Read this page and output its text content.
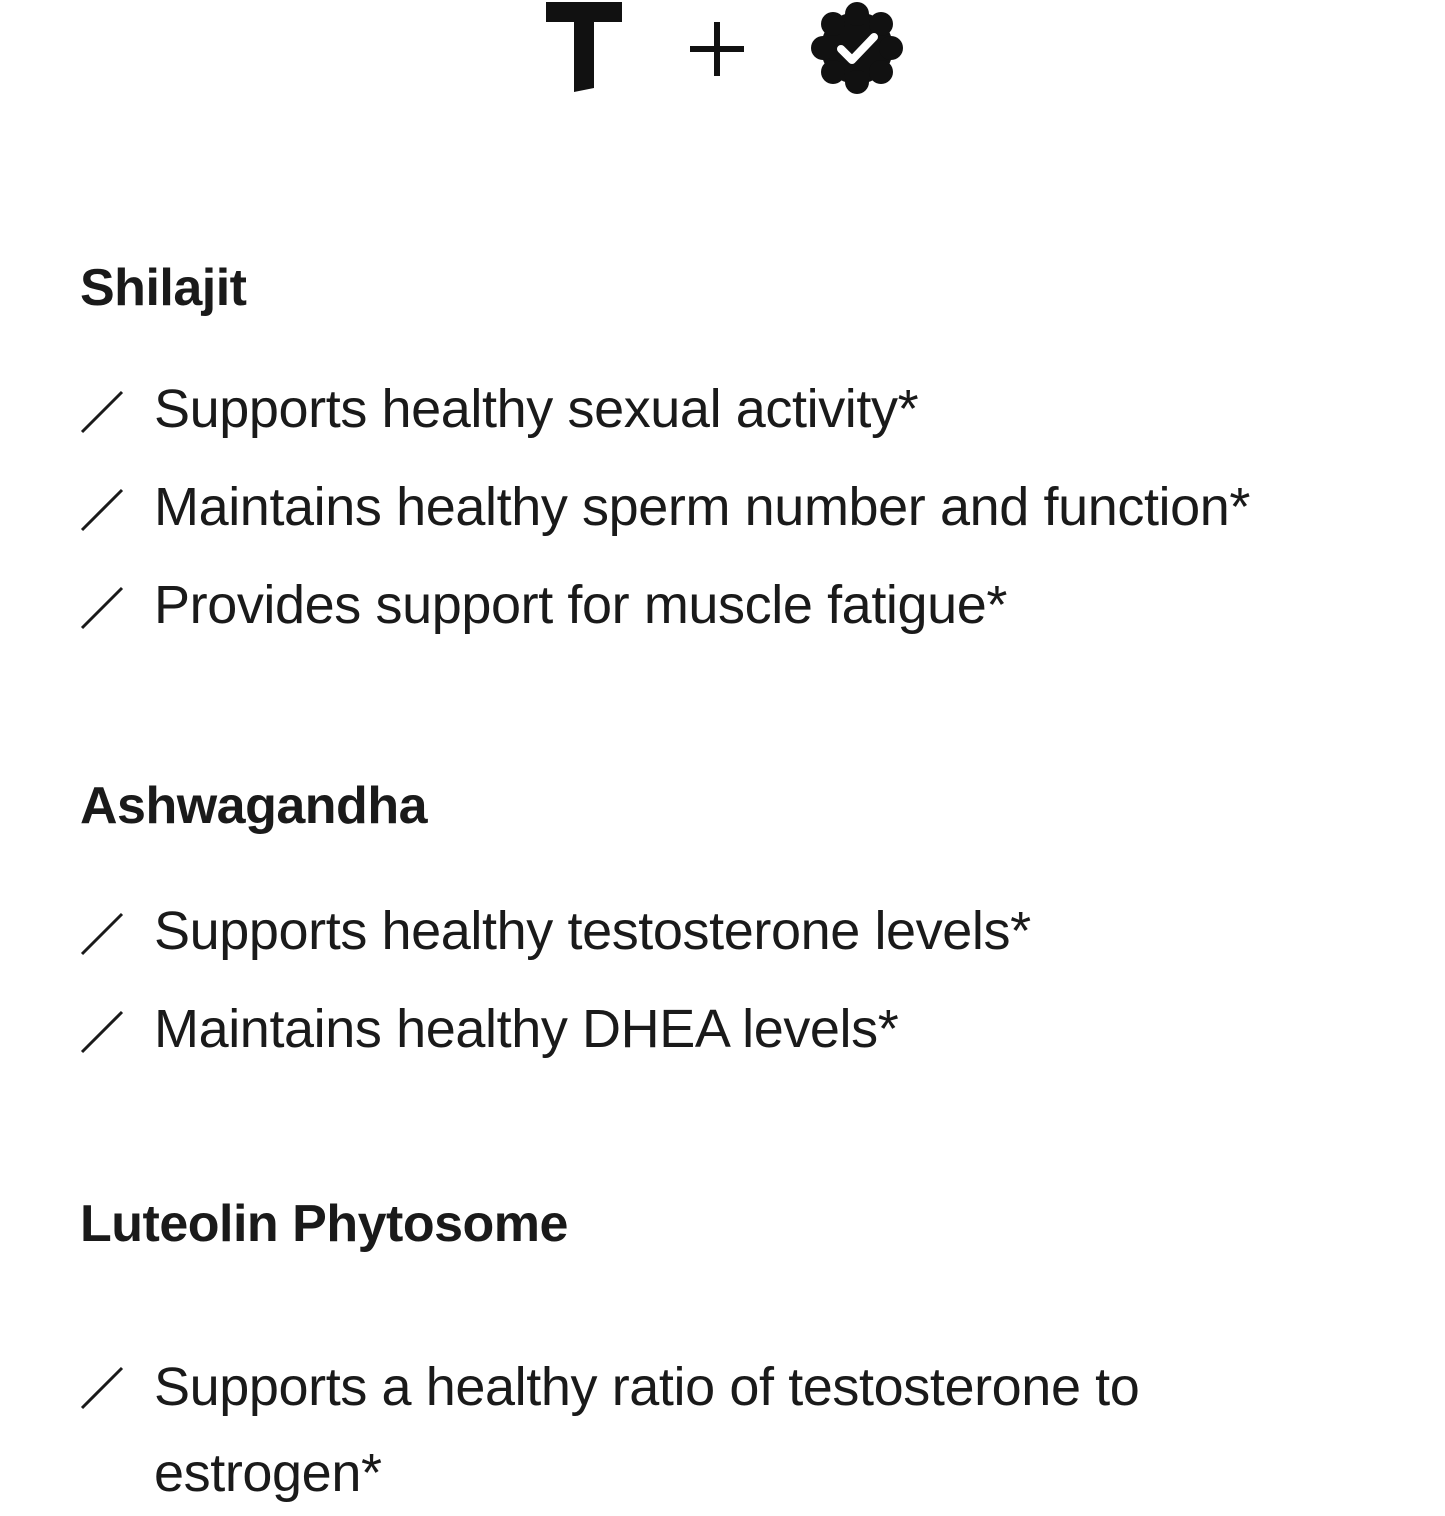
Shilajit
Supports healthy sexual activity*
Maintains healthy sperm number and function*
Provides support for muscle fatigue*
Ashwagandha
Supports healthy testosterone levels*
Maintains healthy DHEA levels*
Luteolin Phytosome
Supports a healthy ratio of testosterone to estrogen*
